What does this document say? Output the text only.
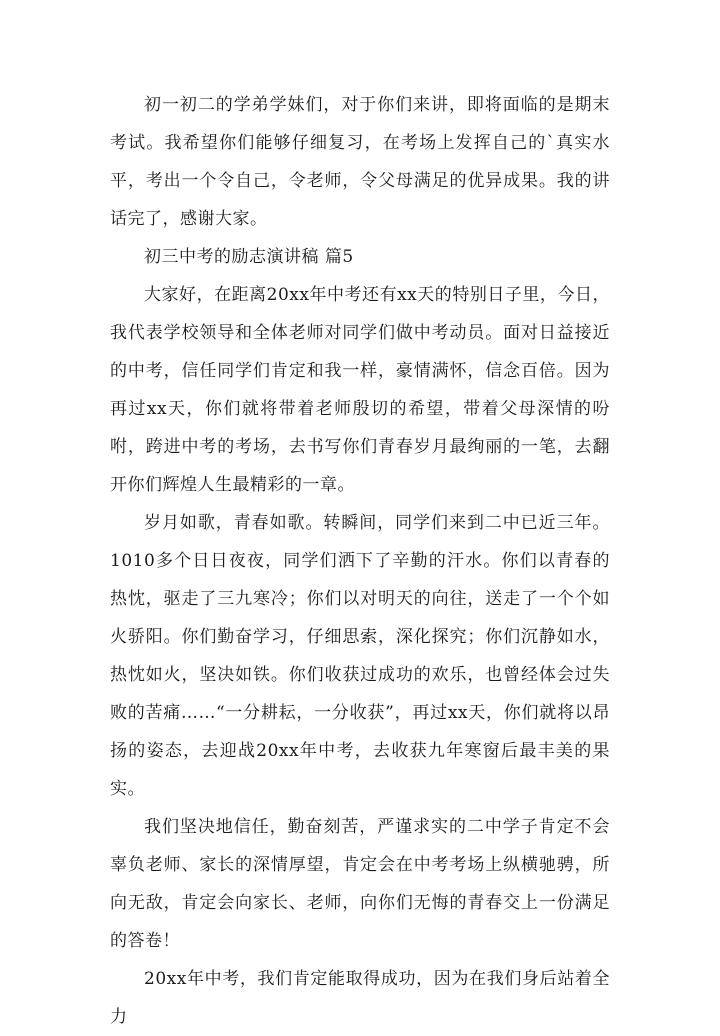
初一初二的学弟学妹们，对于你们来讲，即将面临的是期末考试。我希望你们能够仔细复习，在考场上发挥自己的`真实水平，考出一个令自己，令老师，令父母满足的优异成果。我的讲话完了，感谢大家。

初三中考的励志演讲稿 篇5

大家好，在距离20xx年中考还有xx天的特别日子里，今日，我代表学校领导和全体老师对同学们做中考动员。面对日益接近的中考，信任同学们肯定和我一样，豪情满怀，信念百倍。因为再过xx天，你们就将带着老师殷切的希望，带着父母深情的吩咐，跨进中考的考场，去书写你们青春岁月最绚丽的一笔，去翻开你们辉煌人生最精彩的一章。

岁月如歌，青春如歌。转瞬间，同学们来到二中已近三年。1010多个日日夜夜，同学们洒下了辛勤的汗水。你们以青春的热忱，驱走了三九寒冷；你们以对明天的向往，送走了一个个如火骄阳。你们勤奋学习，仔细思索，深化探究；你们沉静如水，热忱如火，坚决如铁。你们收获过成功的欢乐，也曾经体会过失败的苦痛……“一分耕耘，一分收获”，再过xx天，你们就将以昂扬的姿态，去迎战20xx年中考，去收获九年寒窗后最丰美的果实。

我们坚决地信任，勤奋刻苦，严谨求实的二中学子肯定不会辜负老师、家长的深情厚望，肯定会在中考考场上纵横驰骋，所向无敌，肯定会向家长、老师，向你们无悔的青春交上一份满足的答卷！

20xx年中考，我们肯定能取得成功，因为在我们身后站着全力
